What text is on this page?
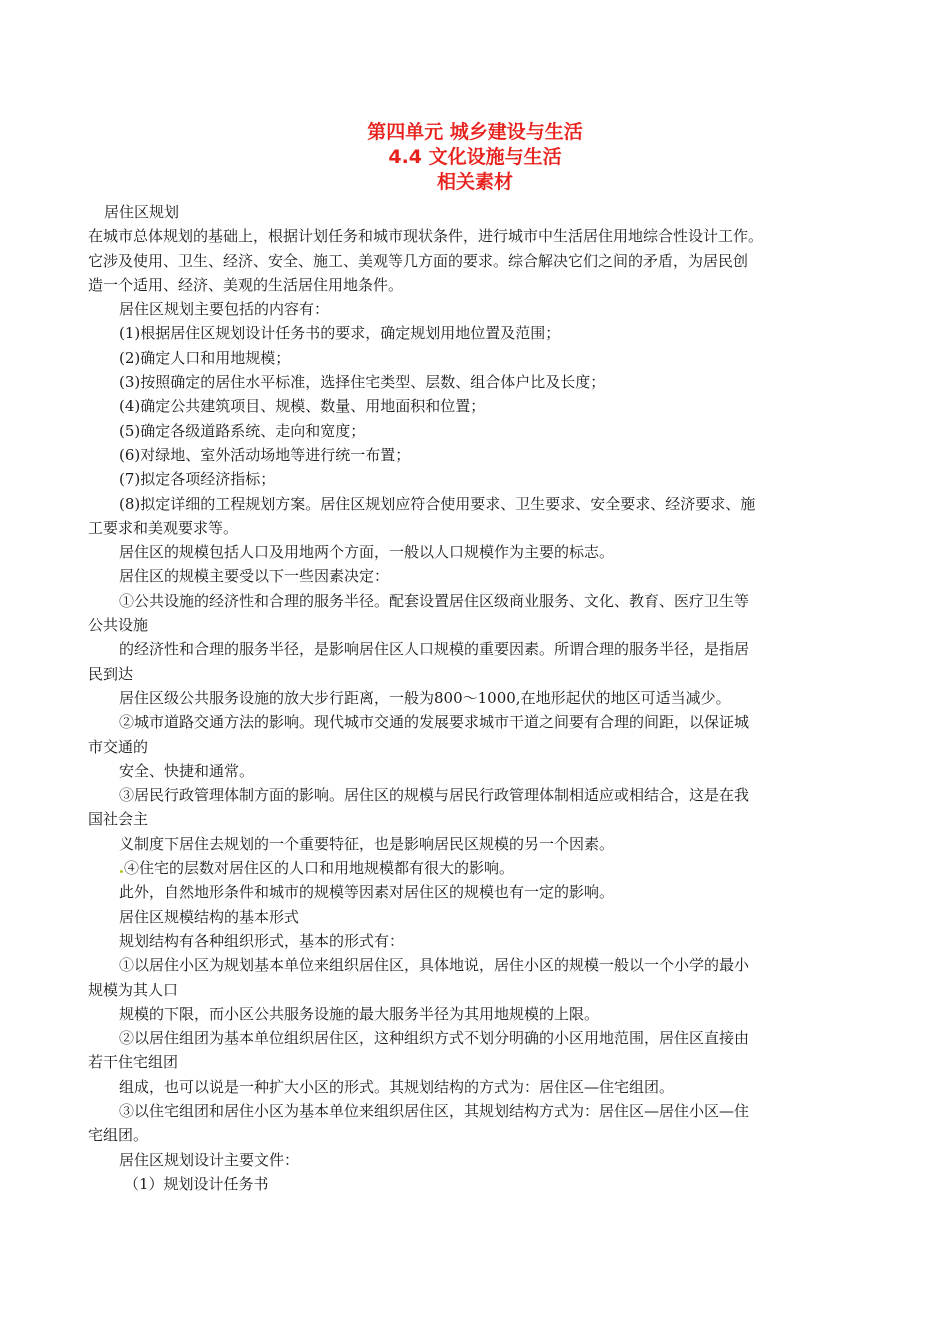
第四单元 城乡建设与生活

4.4 文化设施与生活

相关素材

居住区规划

在城市总体规划的基础上，根据计划任务和城市现状条件，进行城市中生活居住用地综合性设计工作。

它涉及使用、卫生、经济、安全、施工、美观等几方面的要求。综合解决它们之间的矛盾，为居民创

造一个适用、经济、美观的生活居住用地条件。

居住区规划主要包括的内容有：

(1)根据居住区规划设计任务书的要求，确定规划用地位置及范围；

(2)确定人口和用地规模；

(3)按照确定的居住水平标准，选择住宅类型、层数、组合体户比及长度；

(4)确定公共建筑项目、规模、数量、用地面积和位置；

(5)确定各级道路系统、走向和宽度；

(6)对绿地、室外活动场地等进行统一布置；

(7)拟定各项经济指标；

(8)拟定详细的工程规划方案。居住区规划应符合使用要求、卫生要求、安全要求、经济要求、施

工要求和美观要求等。

居住区的规模包括人口及用地两个方面，一般以人口规模作为主要的标志。

居住区的规模主要受以下一些因素决定：

①公共设施的经济性和合理的服务半径。配套设置居住区级商业服务、文化、教育、医疗卫生等

公共设施

的经济性和合理的服务半径，是影响居住区人口规模的重要因素。所谓合理的服务半径，是指居

民到达

居住区级公共服务设施的放大步行距离，一般为800～1000,在地形起伏的地区可适当减少。

②城市道路交通方法的影响。现代城市交通的发展要求城市干道之间要有合理的间距，以保证城

市交通的

安全、快捷和通常。

③居民行政管理体制方面的影响。居住区的规模与居民行政管理体制相适应或相结合，这是在我

国社会主

义制度下居住去规划的一个重要特征，也是影响居民区规模的另一个因素。

④住宅的层数对居住区的人口和用地规模都有很大的影响。

此外，自然地形条件和城市的规模等因素对居住区的规模也有一定的影响。

居住区规模结构的基本形式

规划结构有各种组织形式，基本的形式有：

①以居住小区为规划基本单位来组织居住区，具体地说，居住小区的规模一般以一个小学的最小

规模为其人口

规模的下限，而小区公共服务设施的最大服务半径为其用地规模的上限。

②以居住组团为基本单位组织居住区，这种组织方式不划分明确的小区用地范围，居住区直接由

若干住宅组团

组成，也可以说是一种扩大小区的形式。其规划结构的方式为：居住区—住宅组团。

③以住宅组团和居住小区为基本单位来组织居住区，其规划结构方式为：居住区—居住小区—住

宅组团。

居住区规划设计主要文件：

（1）规划设计任务书
